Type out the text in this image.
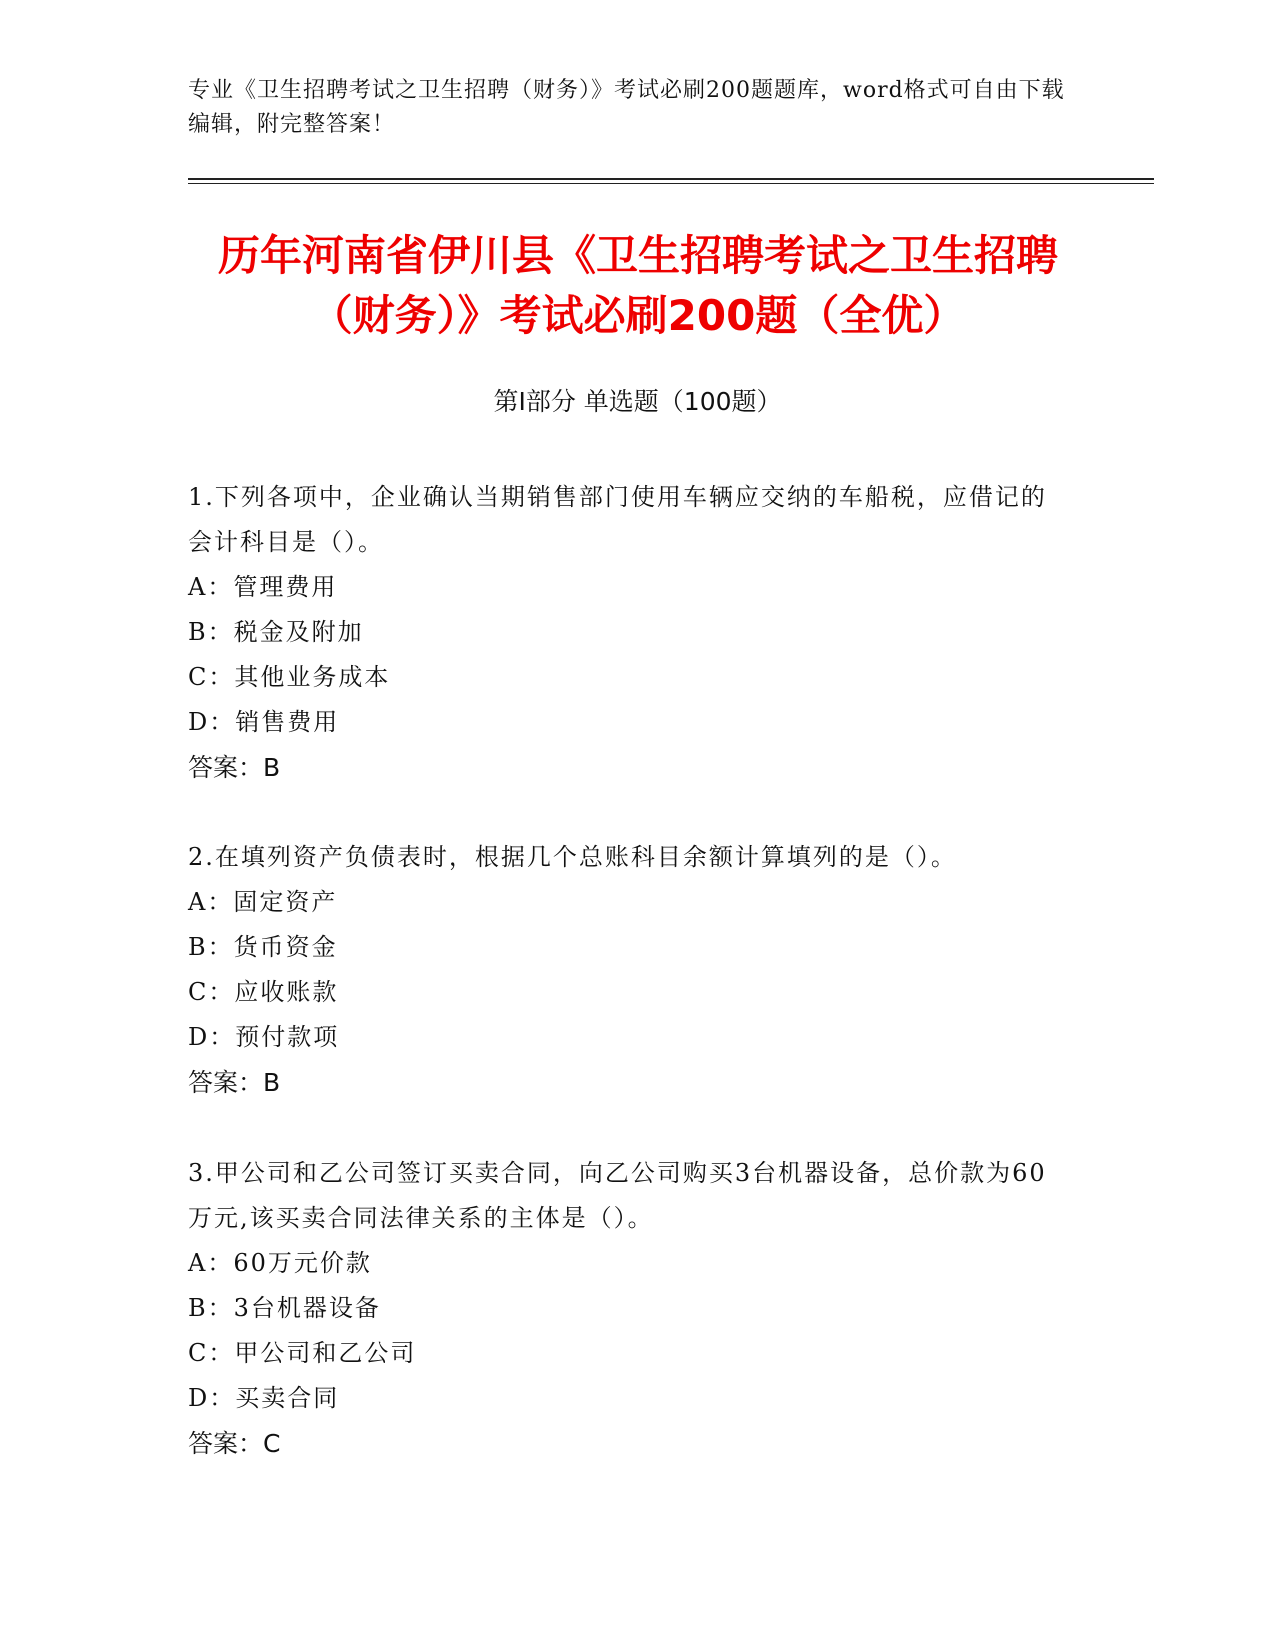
专业《卫生招聘考试之卫生招聘（财务）》考试必刷200题题库，word格式可自由下载编辑，附完整答案！
历年河南省伊川县《卫生招聘考试之卫生招聘（财务）》考试必刷200题（全优）
第Ⅰ部分 单选题（100题）
1.下列各项中，企业确认当期销售部门使用车辆应交纳的车船税，应借记的会计科目是（）。
A：管理费用
B：税金及附加
C：其他业务成本
D：销售费用
答案：B
2.在填列资产负债表时，根据几个总账科目余额计算填列的是（）。
A：固定资产
B：货币资金
C：应收账款
D：预付款项
答案：B
3.甲公司和乙公司签订买卖合同，向乙公司购买3台机器设备，总价款为60万元,该买卖合同法律关系的主体是（）。
A：60万元价款
B：3台机器设备
C：甲公司和乙公司
D：买卖合同
答案：C
